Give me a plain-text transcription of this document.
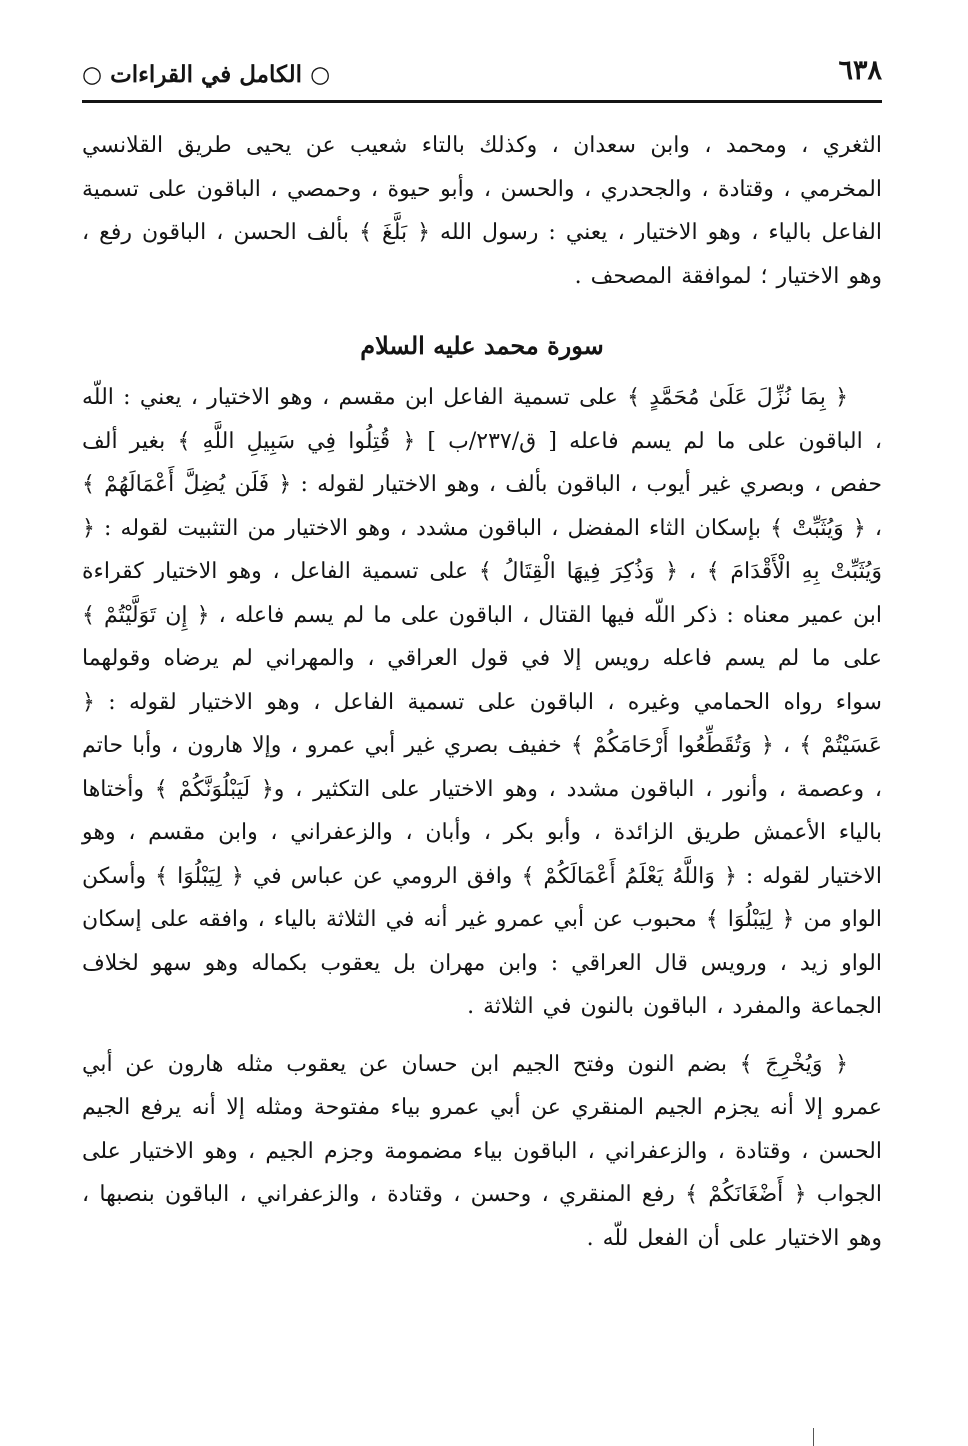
٦٣٨
○ الكامل في القراءات ○

الثغري ، ومحمد ، وابن سعدان ، وكذلك بالتاء شعيب عن يحيى طريق القلانسي المخرمي ، وقتادة ، والجحدري ، والحسن ، وأبو حيوة ، وحمصي ، الباقون على تسمية الفاعل بالياء ، وهو الاختيار ، يعني : رسول الله ﴿ بَلَّغَ ﴾ بألف الحسن ، الباقون رفع ، وهو الاختيار ؛ لموافقة المصحف .

سورة محمد عليه السلام

﴿ بِمَا نُزِّلَ عَلَىٰ مُحَمَّدٍ ﴾ على تسمية الفاعل ابن مقسم ، وهو الاختيار ، يعني : اللّه ، الباقون على ما لم يسم فاعله [ ق/٢٣٧/ب ] ﴿ قُتِلُوا فِي سَبِيلِ اللَّهِ ﴾ بغير ألف حفص ، وبصري غير أيوب ، الباقون بألف ، وهو الاختيار لقوله : ﴿ فَلَن يُضِلَّ أَعْمَالَهُمْ ﴾ ، ﴿ وَيُثَبِّتْ ﴾ بإسكان الثاء المفضل ، الباقون مشدد ، وهو الاختيار من التثبيت لقوله : ﴿ وَيُثَبِّتْ بِهِ الْأَقْدَامَ ﴾ ، ﴿ وَذُكِرَ فِيهَا الْقِتَالُ ﴾ على تسمية الفاعل ، وهو الاختيار كقراءة ابن عمير معناه : ذكر اللّه فيها القتال ، الباقون على ما لم يسم فاعله ، ﴿ إِن تَوَلَّيْتُمْ ﴾ على ما لم يسم فاعله رويس إلا في قول العراقي ، والمهراني لم يرضاه وقولهما سواء رواه الحمامي وغيره ، الباقون على تسمية الفاعل ، وهو الاختيار لقوله : ﴿ عَسَيْتُمْ ﴾ ، ﴿ وَتُقَطِّعُوا أَرْحَامَكُمْ ﴾ خفيف بصري غير أبي عمرو ، وإلا هارون ، وأبا حاتم ، وعصمة ، وأنور ، الباقون مشدد ، وهو الاختيار على التكثير ، و﴿ لَيَبْلُوَنَّكُمْ ﴾ وأختاها بالياء الأعمش طريق الزائدة ، وأبو بكر ، وأبان ، والزعفراني ، وابن مقسم ، وهو الاختيار لقوله : ﴿ وَاللَّهُ يَعْلَمُ أَعْمَالَكُمْ ﴾ وافق الرومي عن عباس في ﴿ لِيَبْلُوَا ﴾ وأسكن الواو من ﴿ لِيَبْلُوَا ﴾ محبوب عن أبي عمرو غير أنه في الثلاثة بالياء ، وافقه على إسكان الواو زيد ، ورويس قال العراقي : وابن مهران بل يعقوب بكماله وهو سهو لخلاف الجماعة والمفرد ، الباقون بالنون في الثلاثة .

﴿ وَيُخْرِجَ ﴾ بضم النون وفتح الجيم ابن حسان عن يعقوب مثله هارون عن أبي عمرو إلا أنه يجزم الجيم المنقري عن أبي عمرو بياء مفتوحة ومثله إلا أنه يرفع الجيم الحسن ، وقتادة ، والزعفراني ، الباقون بياء مضمومة وجزم الجيم ، وهو الاختيار على الجواب ﴿ أَضْغَانَكُمْ ﴾ رفع المنقري ، وحسن ، وقتادة ، والزعفراني ، الباقون بنصبها ، وهو الاختيار على أن الفعل للّه .
